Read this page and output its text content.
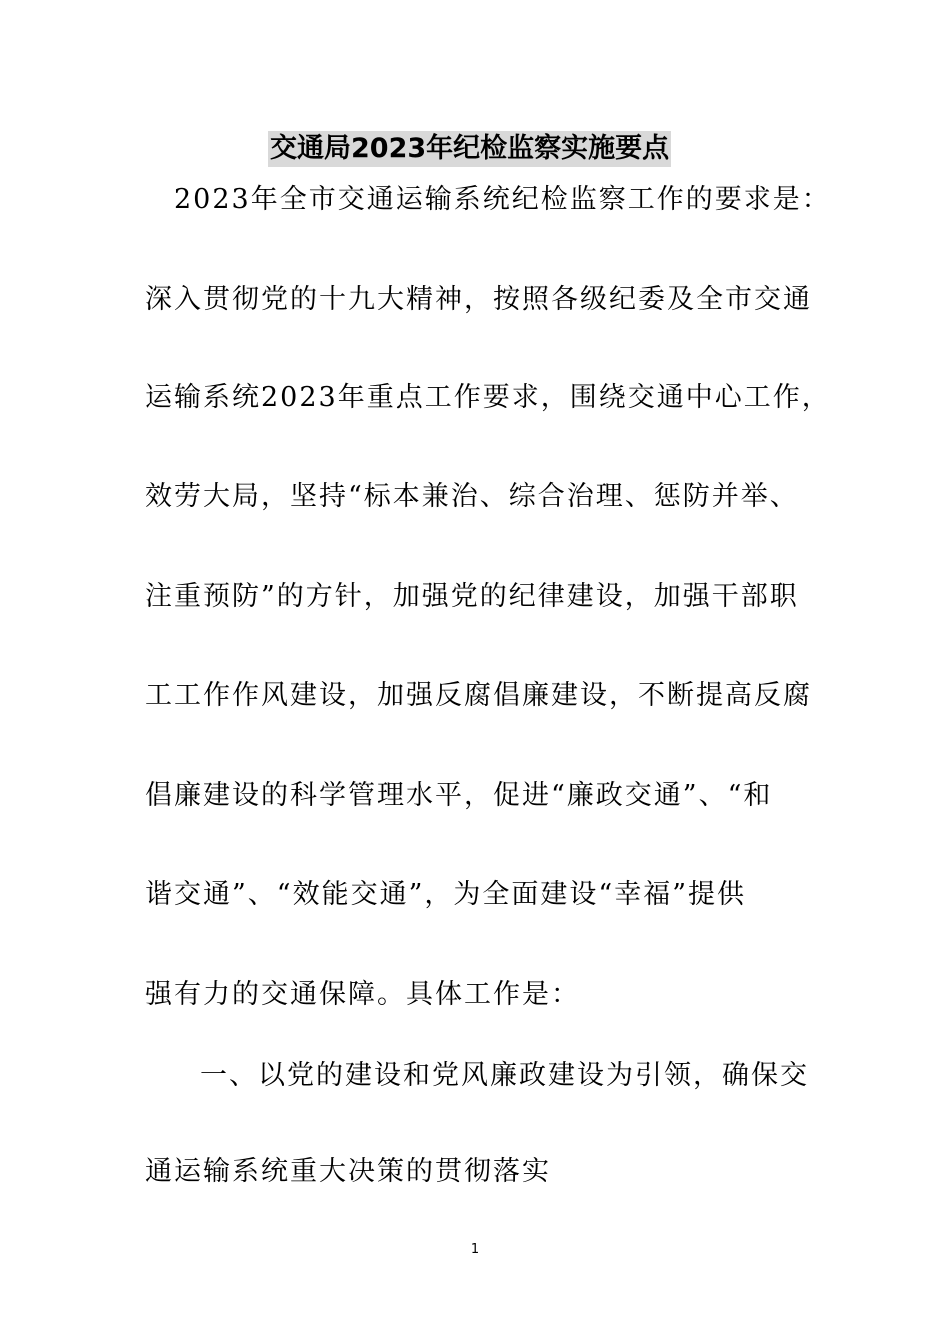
交通局2023年纪检监察实施要点
2023年全市交通运输系统纪检监察工作的要求是：
深入贯彻党的十九大精神，按照各级纪委及全市交通
运输系统2023年重点工作要求，围绕交通中心工作，
效劳大局，坚持“标本兼治、综合治理、惩防并举、
注重预防”的方针，加强党的纪律建设，加强干部职
工工作作风建设，加强反腐倡廉建设，不断提高反腐
倡廉建设的科学管理水平，促进“廉政交通”、“和
谐交通”、“效能交通”，为全面建设“幸福”提供
强有力的交通保障。具体工作是：
一、以党的建设和党风廉政建设为引领，确保交
通运输系统重大决策的贯彻落实
1
